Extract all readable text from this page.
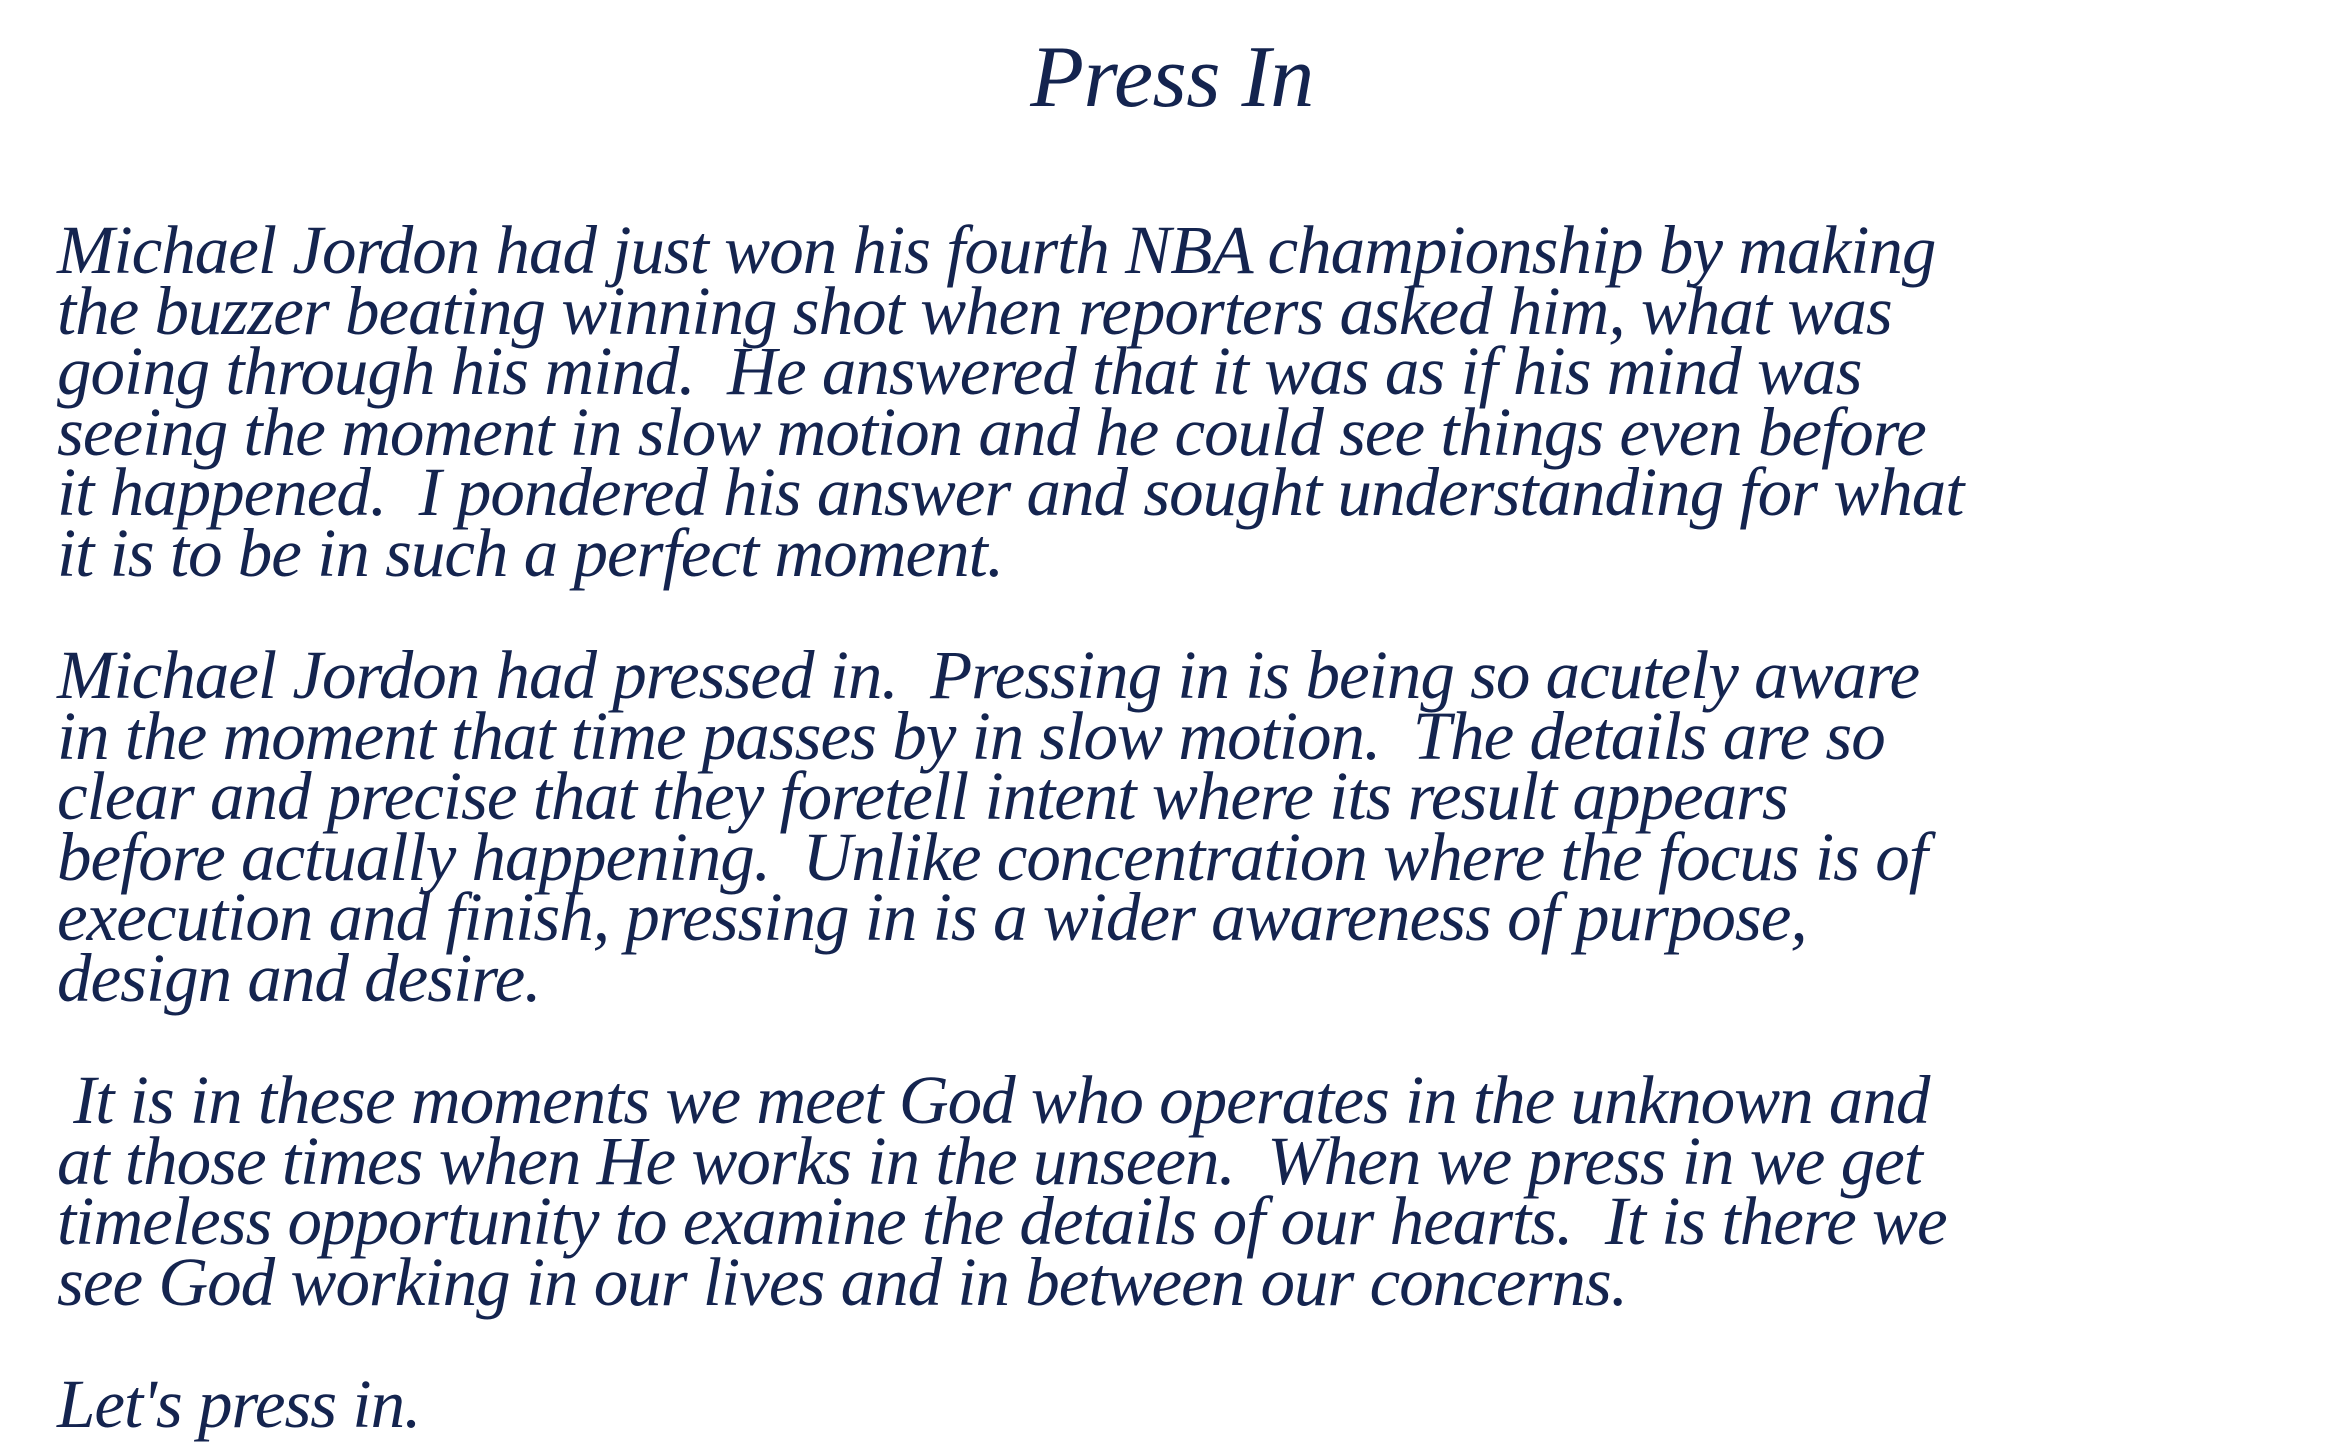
Press In

Michael Jordon had just won his fourth NBA championship by making
the buzzer beating winning shot when reporters asked him, what was
going through his mind.  He answered that it was as if his mind was
seeing the moment in slow motion and he could see things even before
it happened.  I pondered his answer and sought understanding for what
it is to be in such a perfect moment.

Michael Jordon had pressed in.  Pressing in is being so acutely aware
in the moment that time passes by in slow motion.  The details are so
clear and precise that they foretell intent where its result appears
before actually happening.  Unlike concentration where the focus is of
execution and finish, pressing in is a wider awareness of purpose,
design and desire.

It is in these moments we meet God who operates in the unknown and
at those times when He works in the unseen.  When we press in we get
timeless opportunity to examine the details of our hearts.  It is there we
see God working in our lives and in between our concerns.

Let's press in.
